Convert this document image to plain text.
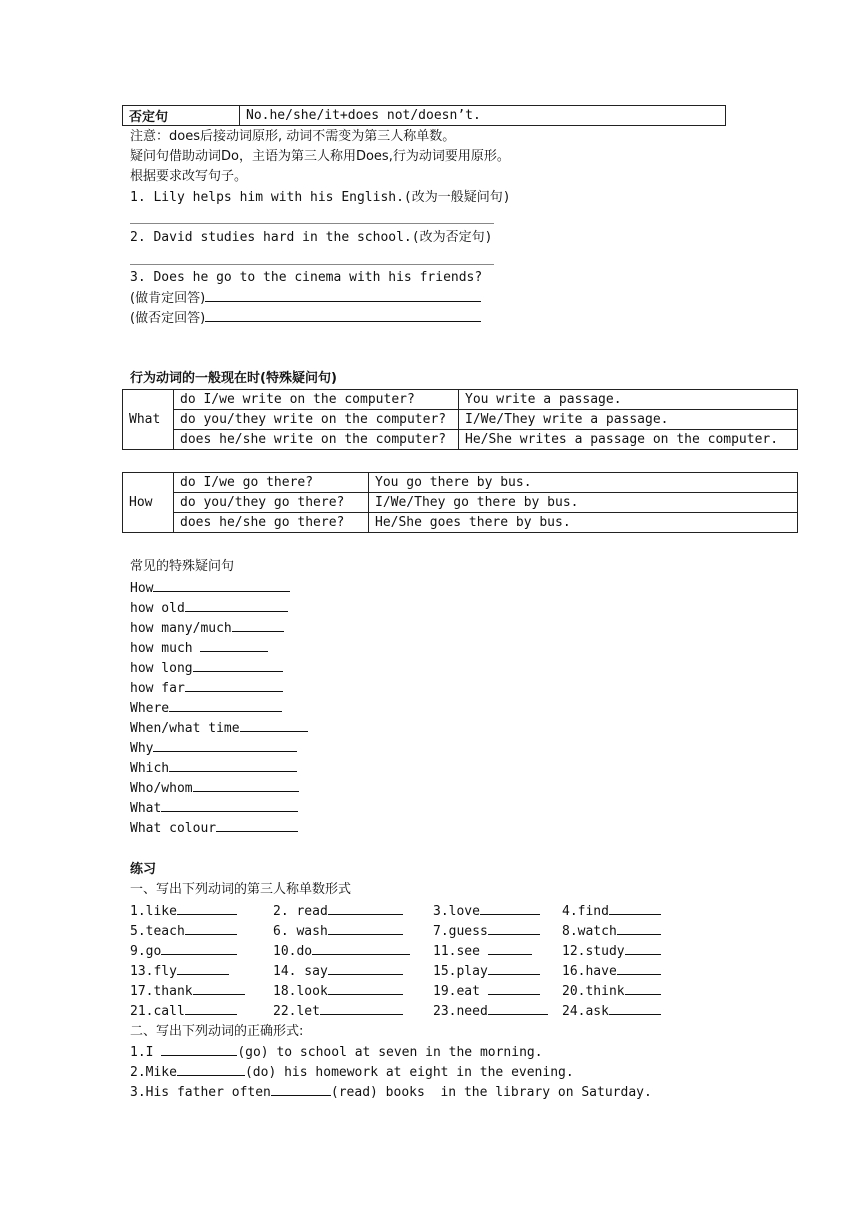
否定句	No.he/she/it+does not/doesn’t.
注意：does后接动词原形, 动词不需变为第三人称单数。
疑问句借助动词Do，主语为第三人称用Does,行为动词要用原形。
根据要求改写句子。
1. Lily helps him with his English.(改为一般疑问句)
2. David studies hard in the school.(改为否定句)
3. Does he go to the cinema with his friends?
(做肯定回答)
(做否定回答)
行为动词的一般现在时(特殊疑问句)
What	do I/we write on the computer?	You write a passage.
	do you/they write on the computer?	I/We/They write a passage.
	does he/she write on the computer?	He/She writes a passage on the computer.
How	do I/we go there?	You go there by bus.
	do you/they go there?	I/We/They go there by bus.
	does he/she go there?	He/She goes there by bus.
常见的特殊疑问句
How
how old
how many/much
how much
how long
how far
Where
When/what time
Why
Which
Who/whom
What
What colour
练习
一、写出下列动词的第三人称单数形式
1.like	2. read	3.love	4.find
5.teach	6. wash	7.guess	8.watch
9.go	10.do	11.see	12.study
13.fly	14. say	15.play	16.have
17.thank	18.look	19.eat	20.think
21.call	22.let	23.need	24.ask
二、写出下列动词的正确形式:
1.I	(go) to school at seven in the morning.
2.Mike	(do) his homework at eight in the evening.
3.His father often	(read) books  in the library on Saturday.
